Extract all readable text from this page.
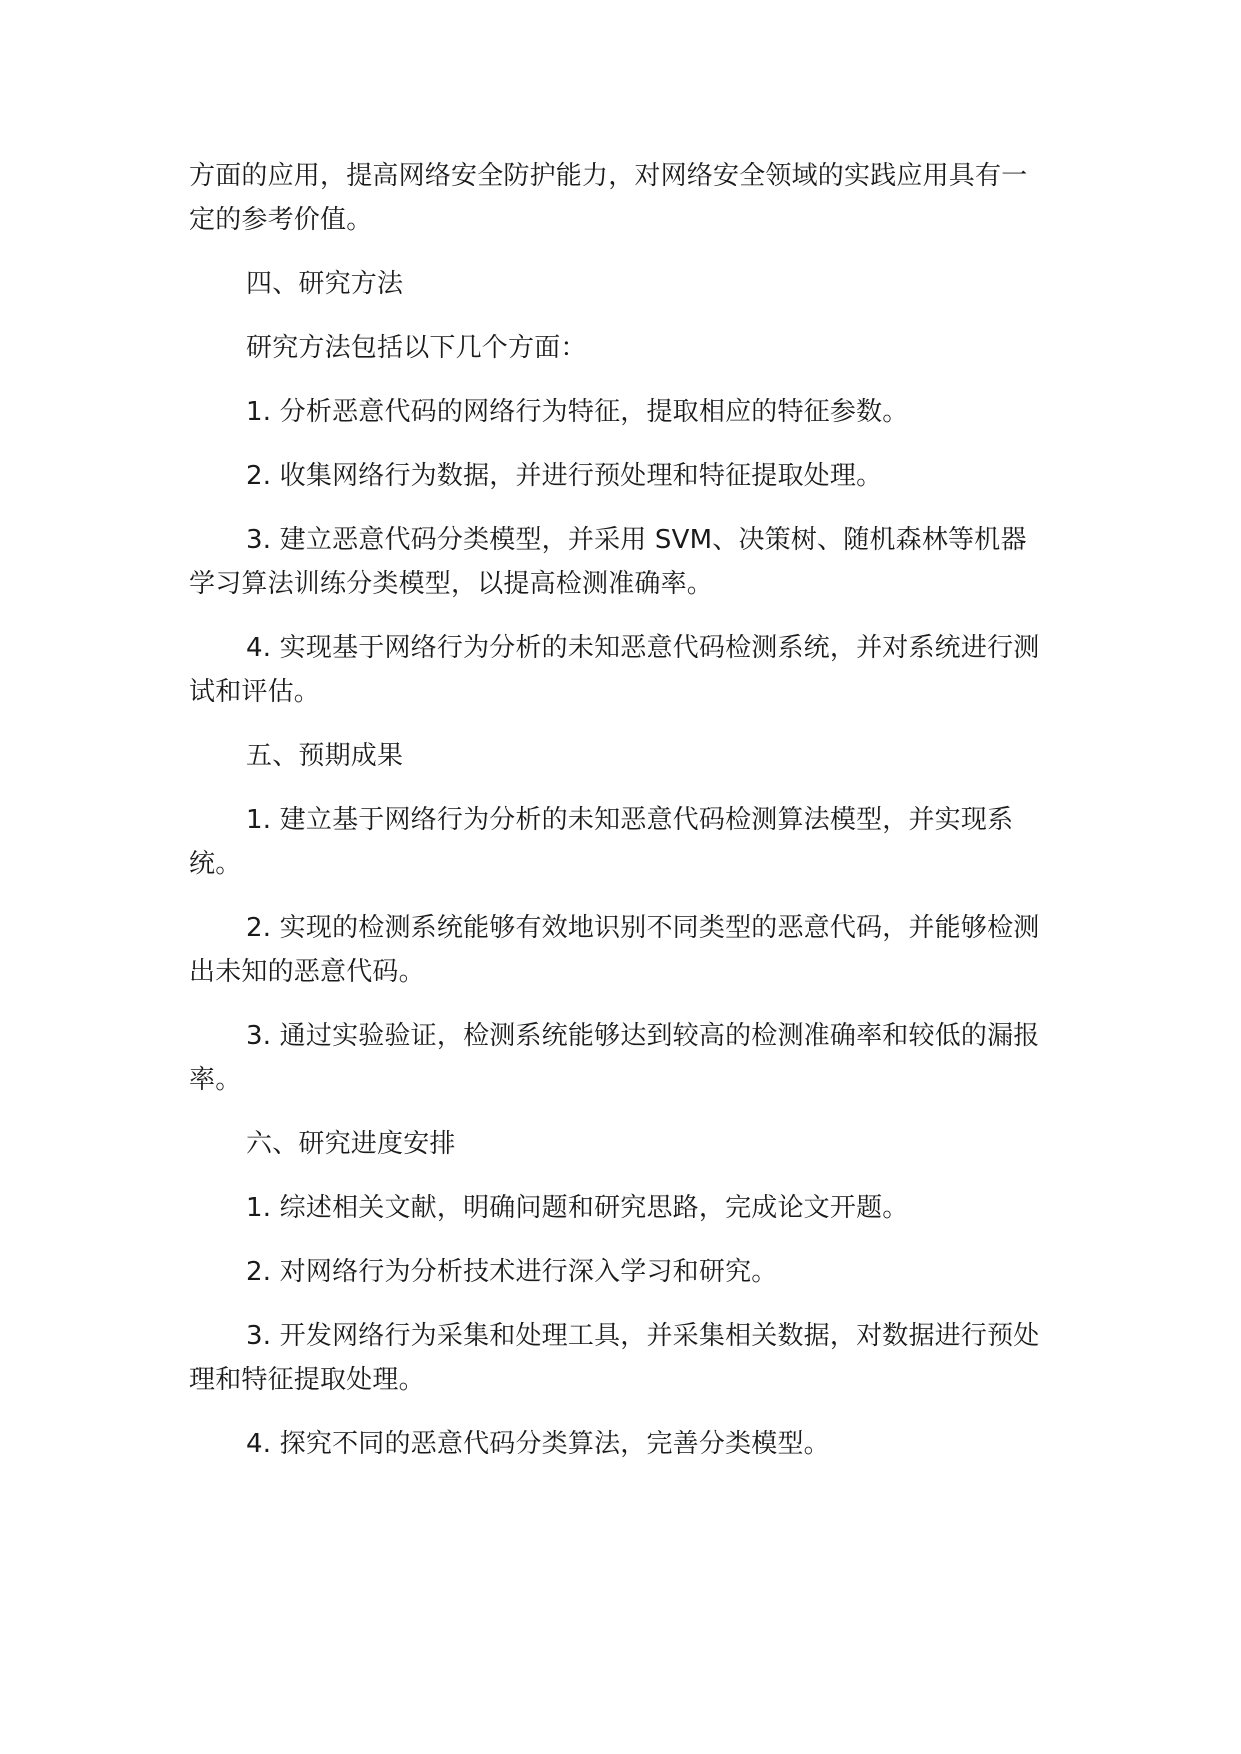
方面的应用，提高网络安全防护能力，对网络安全领域的实践应用具有一定的参考价值。

四、研究方法

研究方法包括以下几个方面：

1. 分析恶意代码的网络行为特征，提取相应的特征参数。

2. 收集网络行为数据，并进行预处理和特征提取处理。

3. 建立恶意代码分类模型，并采用 SVM、决策树、随机森林等机器学习算法训练分类模型，以提高检测准确率。

4. 实现基于网络行为分析的未知恶意代码检测系统，并对系统进行测试和评估。

五、预期成果

1. 建立基于网络行为分析的未知恶意代码检测算法模型，并实现系统。

2. 实现的检测系统能够有效地识别不同类型的恶意代码，并能够检测出未知的恶意代码。

3. 通过实验验证，检测系统能够达到较高的检测准确率和较低的漏报率。

六、研究进度安排

1. 综述相关文献，明确问题和研究思路，完成论文开题。

2. 对网络行为分析技术进行深入学习和研究。

3. 开发网络行为采集和处理工具，并采集相关数据，对数据进行预处理和特征提取处理。

4. 探究不同的恶意代码分类算法，完善分类模型。
